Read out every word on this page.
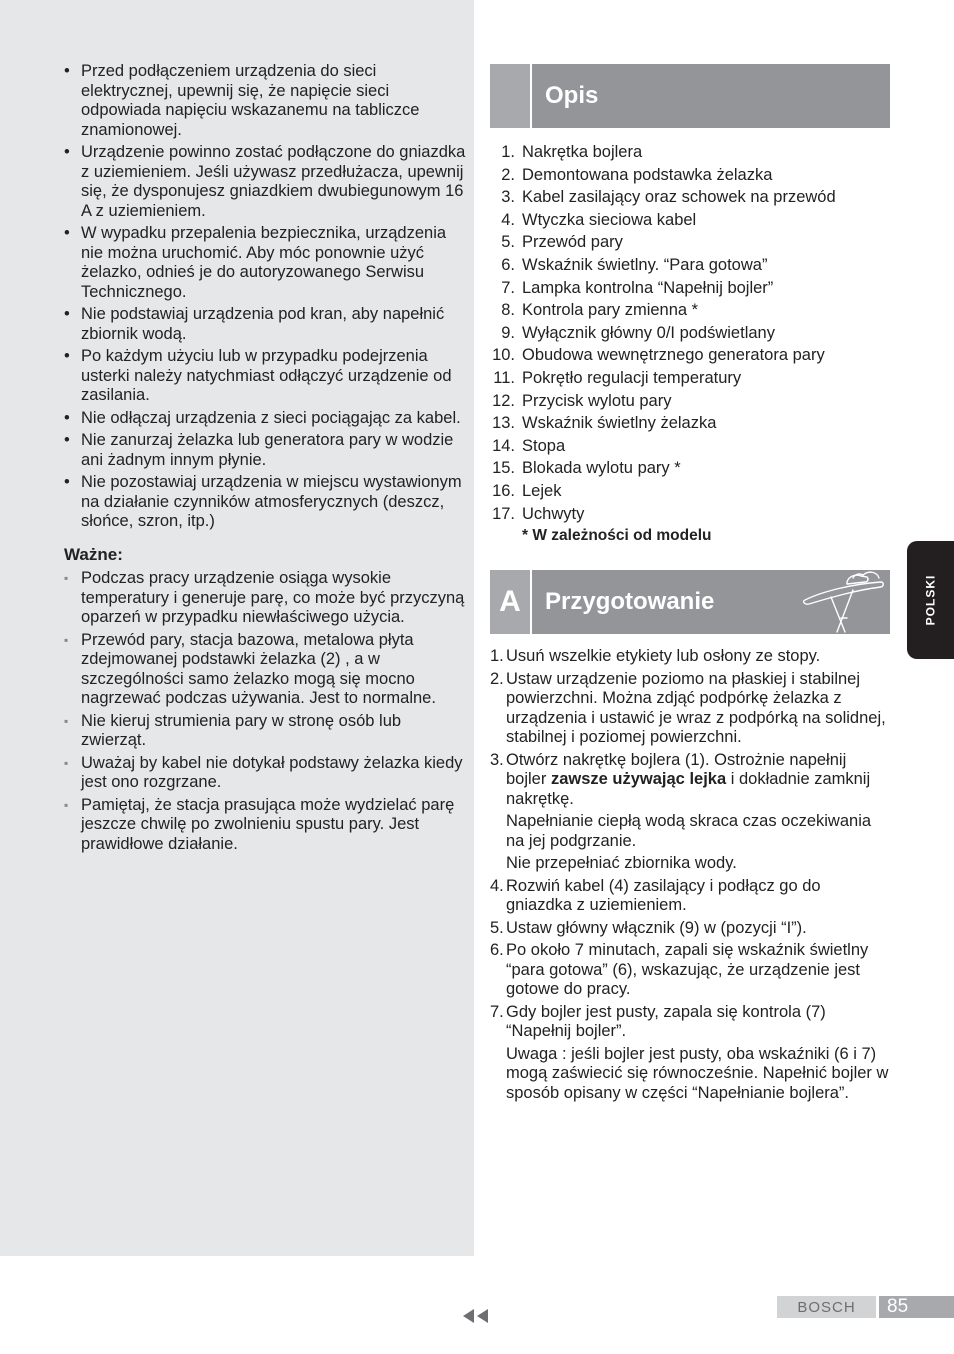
• Przed podłączeniem urządzenia do sieci elektrycznej, upewnij się, że napięcie sieci odpowiada napięciu wskazanemu na tabliczce znamionowej.
• Urządzenie powinno zostać podłączone do gniazdka z uziemieniem. Jeśli używasz przedłużacza, upewnij się, że dysponujesz gniazdkiem dwubiegunowym 16 A z uziemieniem.
• W wypadku przepalenia bezpiecznika, urządzenia nie można uruchomić. Aby móc ponownie użyć żelazko, odnieś je do autoryzowanego Serwisu Technicznego.
• Nie podstawiaj urządzenia pod kran, aby napełnić zbiornik wodą.
• Po każdym użyciu lub w przypadku podejrzenia usterki należy natychmiast odłączyć urządzenie od zasilania.
• Nie odłączaj urządzenia z sieci pociągając za kabel.
• Nie zanurzaj żelazka lub generatora pary w wodzie ani żadnym innym płynie.
• Nie pozostawiaj urządzenia w miejscu wystawionym na działanie czynników atmosferycznych (deszcz, słońce, szron, itp.)
Ważne:
▪ Podczas pracy urządzenie osiąga wysokie temperatury i generuje parę, co może być przyczyną oparzeń w przypadku niewłaściwego użycia.
▪ Przewód pary, stacja bazowa, metalowa płyta zdejmowanej podstawki żelazka (2) , a w szczególności samo żelazko mogą się mocno nagrzewać podczas używania. Jest to normalne.
▪ Nie kieruj strumienia pary w stronę osób lub zwierząt.
▪ Uważaj by kabel nie dotykał podstawy żelazka kiedy jest ono rozgrzane.
▪ Pamiętaj, że stacja prasująca może wydzielać parę jeszcze chwilę po zwolnieniu spustu pary. Jest prawidłowe działanie.
Opis
1. Nakrętka bojlera
2. Demontowana podstawka żelazka
3. Kabel zasilający oraz schowek na przewód
4. Wtyczka sieciowa kabel
5. Przewód pary
6. Wskaźnik świetlny. “Para gotowa”
7. Lampka kontrolna “Napełnij bojler”
8. Kontrola pary zmienna *
9. Wyłącznik główny 0/I podświetlany
10. Obudowa wewnętrznego generatora pary
11. Pokrętło regulacji temperatury
12. Przycisk wylotu pary
13. Wskaźnik świetlny żelazka
14. Stopa
15. Blokada wylotu pary *
16. Lejek
17. Uchwyty
* W zależności od modelu
A	Przygotowanie
1. Usuń wszelkie etykiety lub osłony ze stopy.
2. Ustaw urządzenie poziomo na płaskiej i stabilnej powierzchni. Można zdjąć podpórkę żelazka z urządzenia i ustawić je wraz z podpórką na solidnej, stabilnej i poziomej powierzchni.
3. Otwórz nakrętkę bojlera (1). Ostrożnie napełnij bojler zawsze używając lejka i dokładnie zamknij nakrętkę.
Napełnianie ciepłą wodą skraca czas oczekiwania na jej podgrzanie.
Nie przepełniać zbiornika wody.
4. Rozwiń kabel (4) zasilający i podłącz go do gniazdka z uziemieniem.
5. Ustaw główny włącznik (9) w (pozycji “I”).
6. Po około 7 minutach, zapali się wskaźnik świetlny “para gotowa” (6), wskazując, że urządzenie jest gotowe do pracy.
7. Gdy bojler jest pusty, zapala się kontrola (7) “Napełnij bojler”.
Uwaga : jeśli bojler jest pusty, oba wskaźniki (6 i 7) mogą zaświecić się równocześnie. Napełnić bojler w sposób opisany w części “Napełnianie bojlera”.
POLSKI
BOSCH	85
